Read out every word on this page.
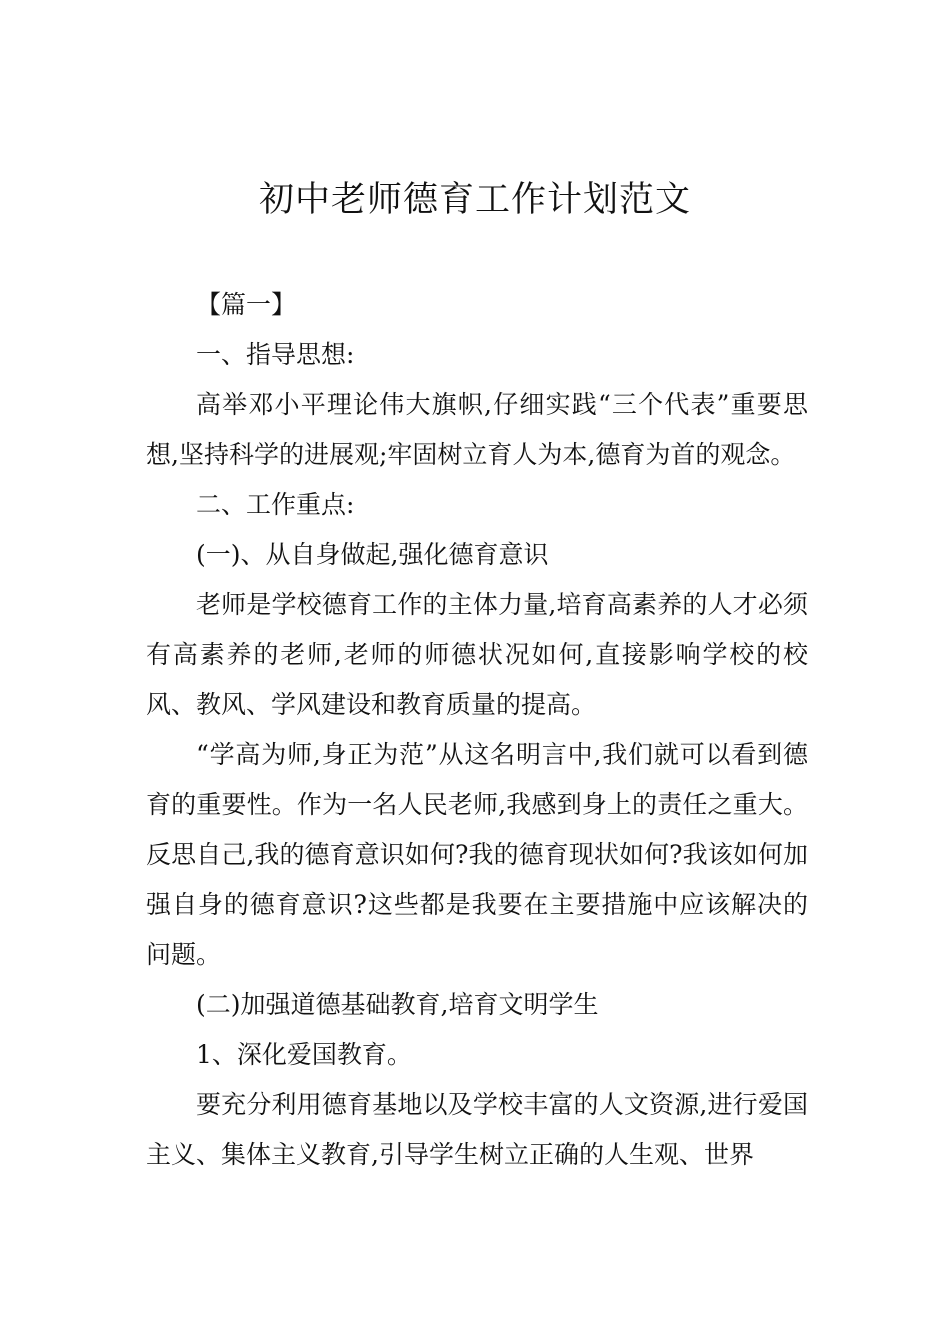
初中老师德育工作计划范文

【篇一】

一、指导思想:

高举邓小平理论伟大旗帜,仔细实践“三个代表”重要思想,坚持科学的进展观;牢固树立育人为本,德育为首的观念。

二、工作重点:

(一)、从自身做起,强化德育意识

老师是学校德育工作的主体力量,培育高素养的人才必须有高素养的老师,老师的师德状况如何,直接影响学校的校风、教风、学风建设和教育质量的提高。

“学高为师,身正为范”从这名明言中,我们就可以看到德育的重要性。作为一名人民老师,我感到身上的责任之重大。反思自己,我的德育意识如何?我的德育现状如何?我该如何加强自身的德育意识?这些都是我要在主要措施中应该解决的问题。

(二)加强道德基础教育,培育文明学生

1、深化爱国教育。

要充分利用德育基地以及学校丰富的人文资源,进行爱国主义、集体主义教育,引导学生树立正确的人生观、世界
